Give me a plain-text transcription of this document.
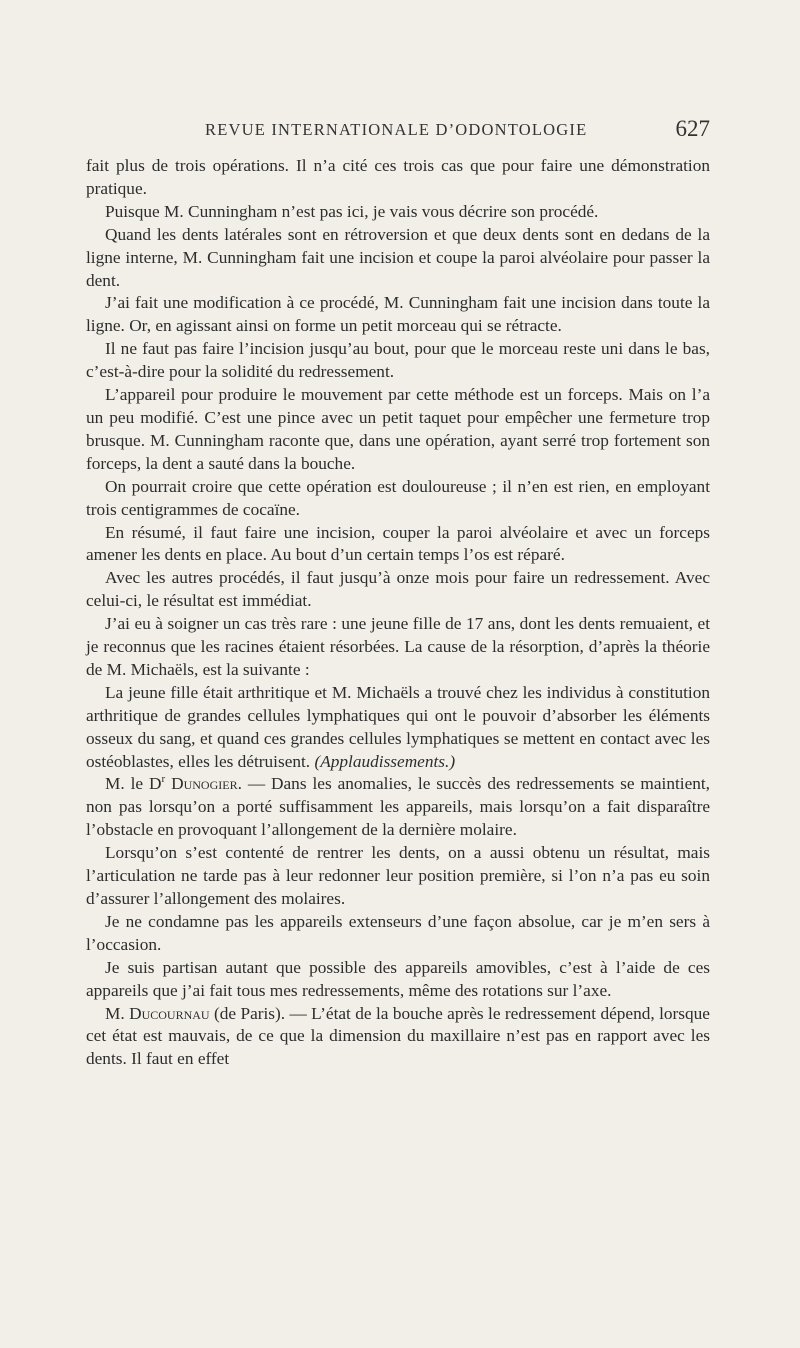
REVUE INTERNATIONALE D’ODONTOLOGIE	627

fait plus de trois opérations. Il n’a cité ces trois cas que pour faire une démonstration pratique.

Puisque M. Cunningham n’est pas ici, je vais vous décrire son procédé.

Quand les dents latérales sont en rétroversion et que deux dents sont en dedans de la ligne interne, M. Cunningham fait une incision et coupe la paroi alvéolaire pour passer la dent.

J’ai fait une modification à ce procédé, M. Cunningham fait une incision dans toute la ligne. Or, en agissant ainsi on forme un petit morceau qui se rétracte.

Il ne faut pas faire l’incision jusqu’au bout, pour que le morceau reste uni dans le bas, c’est-à-dire pour la solidité du redressement.

L’appareil pour produire le mouvement par cette méthode est un forceps. Mais on l’a un peu modifié. C’est une pince avec un petit taquet pour empêcher une fermeture trop brusque. M. Cunningham raconte que, dans une opération, ayant serré trop fortement son forceps, la dent a sauté dans la bouche.

On pourrait croire que cette opération est douloureuse ; il n’en est rien, en employant trois centigrammes de cocaïne.

En résumé, il faut faire une incision, couper la paroi alvéolaire et avec un forceps amener les dents en place. Au bout d’un certain temps l’os est réparé.

Avec les autres procédés, il faut jusqu’à onze mois pour faire un redressement. Avec celui-ci, le résultat est immédiat.

J’ai eu à soigner un cas très rare : une jeune fille de 17 ans, dont les dents remuaient, et je reconnus que les racines étaient résorbées. La cause de la résorption, d’après la théorie de M. Michaëls, est la suivante :

La jeune fille était arthritique et M. Michaëls a trouvé chez les individus à constitution arthritique de grandes cellules lymphatiques qui ont le pouvoir d’absorber les éléments osseux du sang, et quand ces grandes cellules lymphatiques se mettent en contact avec les ostéoblastes, elles les détruisent. (Applaudissements.)

M. le $D^r$ Dunogier. — Dans les anomalies, le succès des redressements se maintient, non pas lorsqu’on a porté suffisamment les appareils, mais lorsqu’on a fait disparaître l’obstacle en provoquant l’allongement de la dernière molaire.

Lorsqu’on s’est contenté de rentrer les dents, on a aussi obtenu un résultat, mais l’articulation ne tarde pas à leur redonner leur position première, si l’on n’a pas eu soin d’assurer l’allongement des molaires.

Je ne condamne pas les appareils extenseurs d’une façon absolue, car je m’en sers à l’occasion.

Je suis partisan autant que possible des appareils amovibles, c’est à l’aide de ces appareils que j’ai fait tous mes redressements, même des rotations sur l’axe.

M. Ducournau (de Paris). — L’état de la bouche après le redressement dépend, lorsque cet état est mauvais, de ce que la dimension du maxillaire n’est pas en rapport avec les dents. Il faut en effet
